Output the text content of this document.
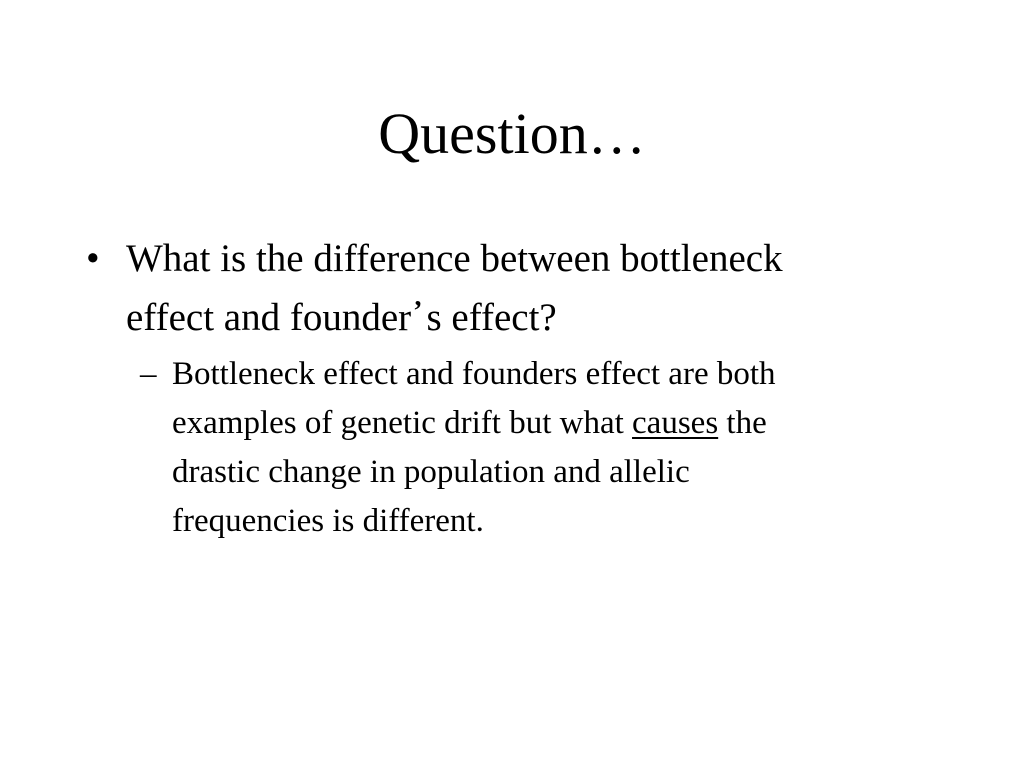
Question…
• What is the difference between bottleneck
effect and founder’ s effect?
– Bottleneck effect and founders effect are both
examples of genetic drift but what causes the
drastic change in population and allelic
frequencies is different.
